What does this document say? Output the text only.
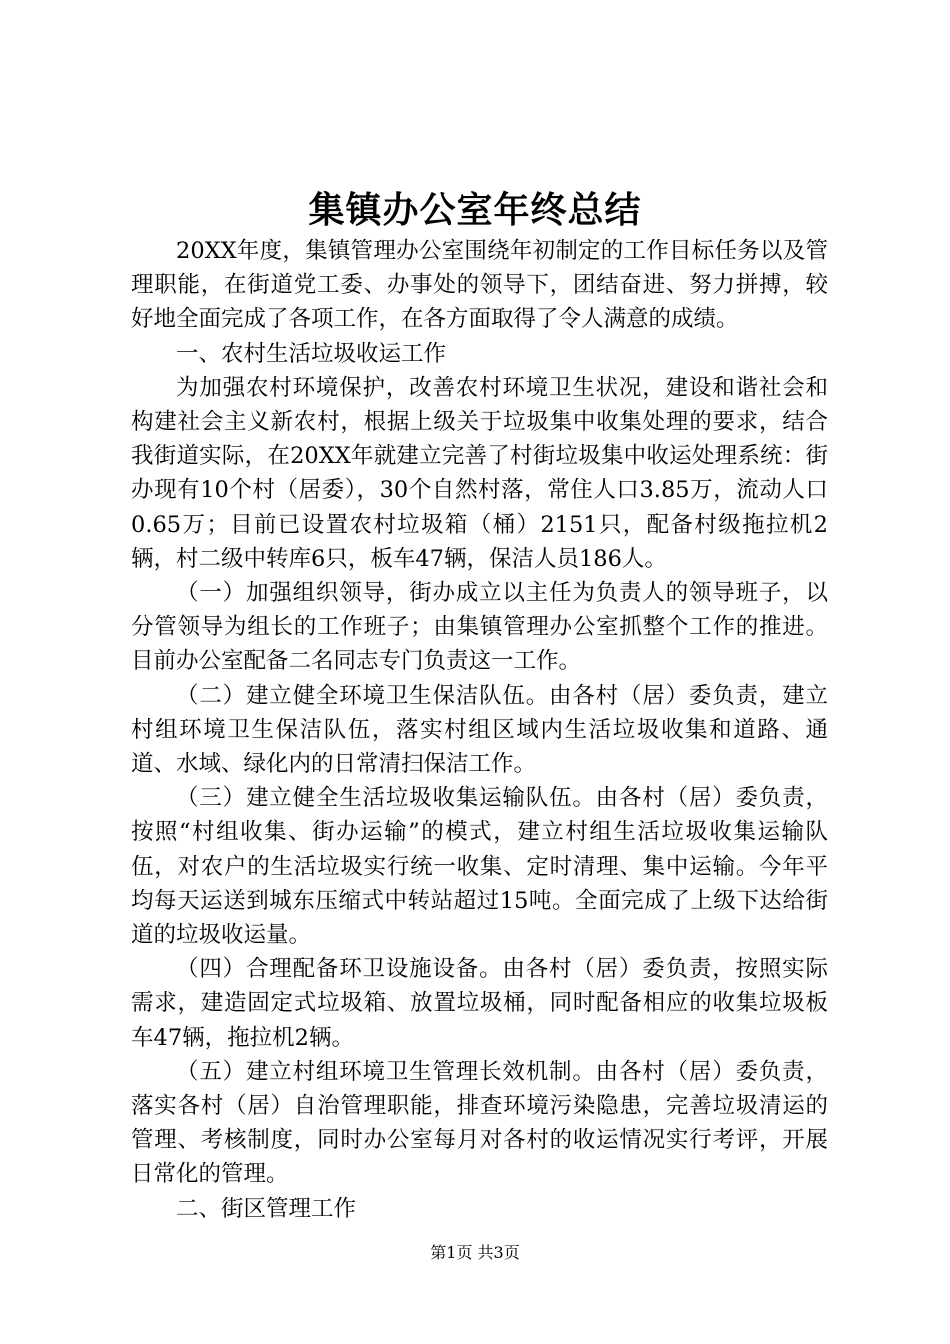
集镇办公室年终总结

20XX年度，集镇管理办公室围绕年初制定的工作目标任务以及管理职能，在街道党工委、办事处的领导下，团结奋进、努力拼搏，较好地全面完成了各项工作，在各方面取得了令人满意的成绩。

一、农村生活垃圾收运工作

为加强农村环境保护，改善农村环境卫生状况，建设和谐社会和构建社会主义新农村，根据上级关于垃圾集中收集处理的要求，结合我街道实际，在20XX年就建立完善了村街垃圾集中收运处理系统：街办现有10个村（居委），30个自然村落，常住人口3.85万，流动人口0.65万；目前已设置农村垃圾箱（桶）2151只，配备村级拖拉机2辆，村二级中转库6只，板车47辆，保洁人员186人。

（一）加强组织领导，街办成立以主任为负责人的领导班子，以分管领导为组长的工作班子；由集镇管理办公室抓整个工作的推进。目前办公室配备二名同志专门负责这一工作。

（二）建立健全环境卫生保洁队伍。由各村（居）委负责，建立村组环境卫生保洁队伍，落实村组区域内生活垃圾收集和道路、通道、水域、绿化内的日常清扫保洁工作。

（三）建立健全生活垃圾收集运输队伍。由各村（居）委负责，按照“村组收集、街办运输”的模式，建立村组生活垃圾收集运输队伍，对农户的生活垃圾实行统一收集、定时清理、集中运输。今年平均每天运送到城东压缩式中转站超过15吨。全面完成了上级下达给街道的垃圾收运量。

（四）合理配备环卫设施设备。由各村（居）委负责，按照实际需求，建造固定式垃圾箱、放置垃圾桶，同时配备相应的收集垃圾板车47辆，拖拉机2辆。

（五）建立村组环境卫生管理长效机制。由各村（居）委负责，落实各村（居）自治管理职能，排查环境污染隐患，完善垃圾清运的管理、考核制度，同时办公室每月对各村的收运情况实行考评，开展日常化的管理。

二、街区管理工作

第1页 共3页
